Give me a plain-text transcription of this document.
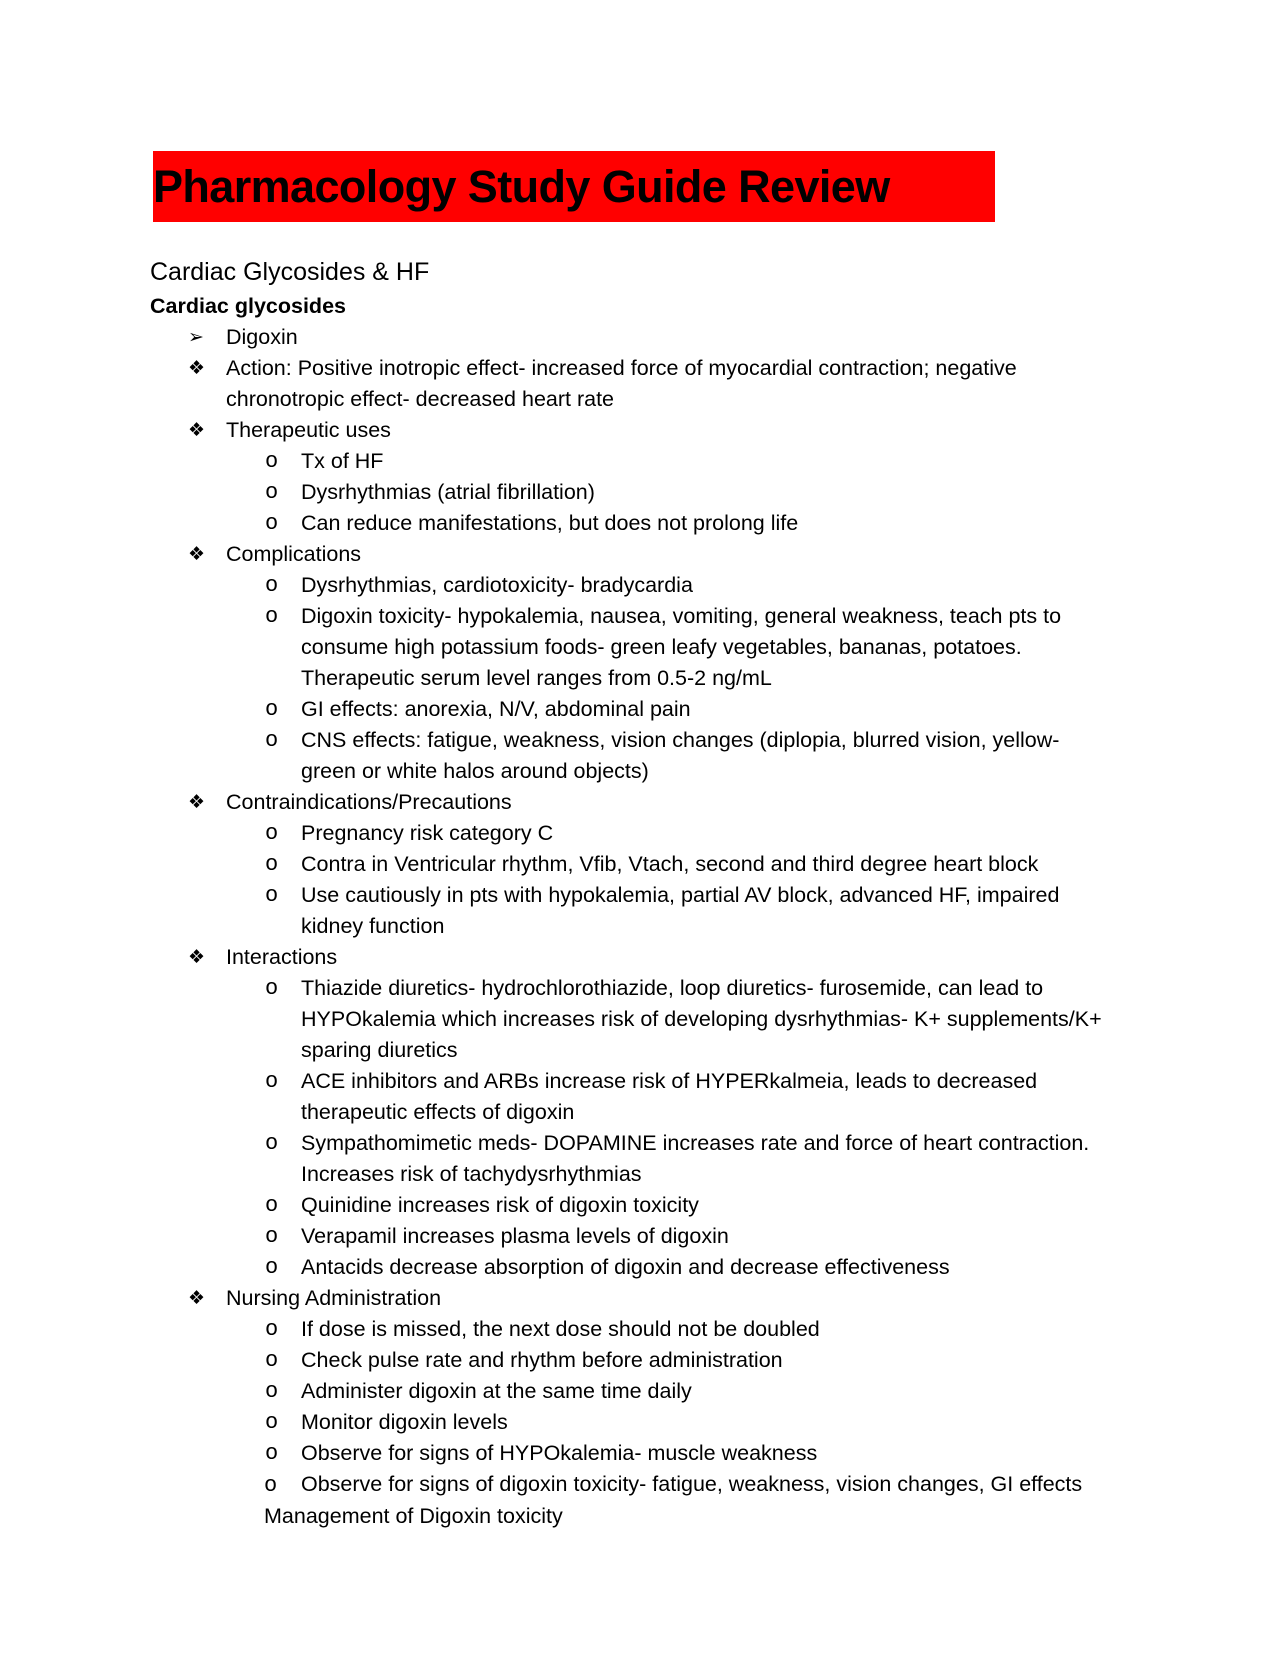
Pharmacology Study Guide Review
Cardiac Glycosides & HF
Cardiac glycosides
➢ Digoxin
❖ Action: Positive inotropic effect- increased force of myocardial contraction; negative chronotropic effect- decreased heart rate
❖ Therapeutic uses
o Tx of HF
o Dysrhythmias (atrial fibrillation)
o Can reduce manifestations, but does not prolong life
❖ Complications
o Dysrhythmias, cardiotoxicity- bradycardia
o Digoxin toxicity- hypokalemia, nausea, vomiting, general weakness, teach pts to consume high potassium foods- green leafy vegetables, bananas, potatoes. Therapeutic serum level ranges from 0.5-2 ng/mL
o GI effects: anorexia, N/V, abdominal pain
o CNS effects: fatigue, weakness, vision changes (diplopia, blurred vision, yellow- green or white halos around objects)
❖ Contraindications/Precautions
o Pregnancy risk category C
o Contra in Ventricular rhythm, Vfib, Vtach, second and third degree heart block
o Use cautiously in pts with hypokalemia, partial AV block, advanced HF, impaired kidney function
❖ Interactions
o Thiazide diuretics- hydrochlorothiazide, loop diuretics- furosemide, can lead to HYPOkalemia which increases risk of developing dysrhythmias- K+ supplements/K+ sparing diuretics
o ACE inhibitors and ARBs increase risk of HYPERkalmeia, leads to decreased therapeutic effects of digoxin
o Sympathomimetic meds- DOPAMINE increases rate and force of heart contraction. Increases risk of tachydysrhythmias
o Quinidine increases risk of digoxin toxicity
o Verapamil increases plasma levels of digoxin
o Antacids decrease absorption of digoxin and decrease effectiveness
❖ Nursing Administration
o If dose is missed, the next dose should not be doubled
o Check pulse rate and rhythm before administration
o Administer digoxin at the same time daily
o Monitor digoxin levels
o Observe for signs of HYPOkalemia- muscle weakness
o Observe for signs of digoxin toxicity- fatigue, weakness, vision changes, GI effects Management of Digoxin toxicity
